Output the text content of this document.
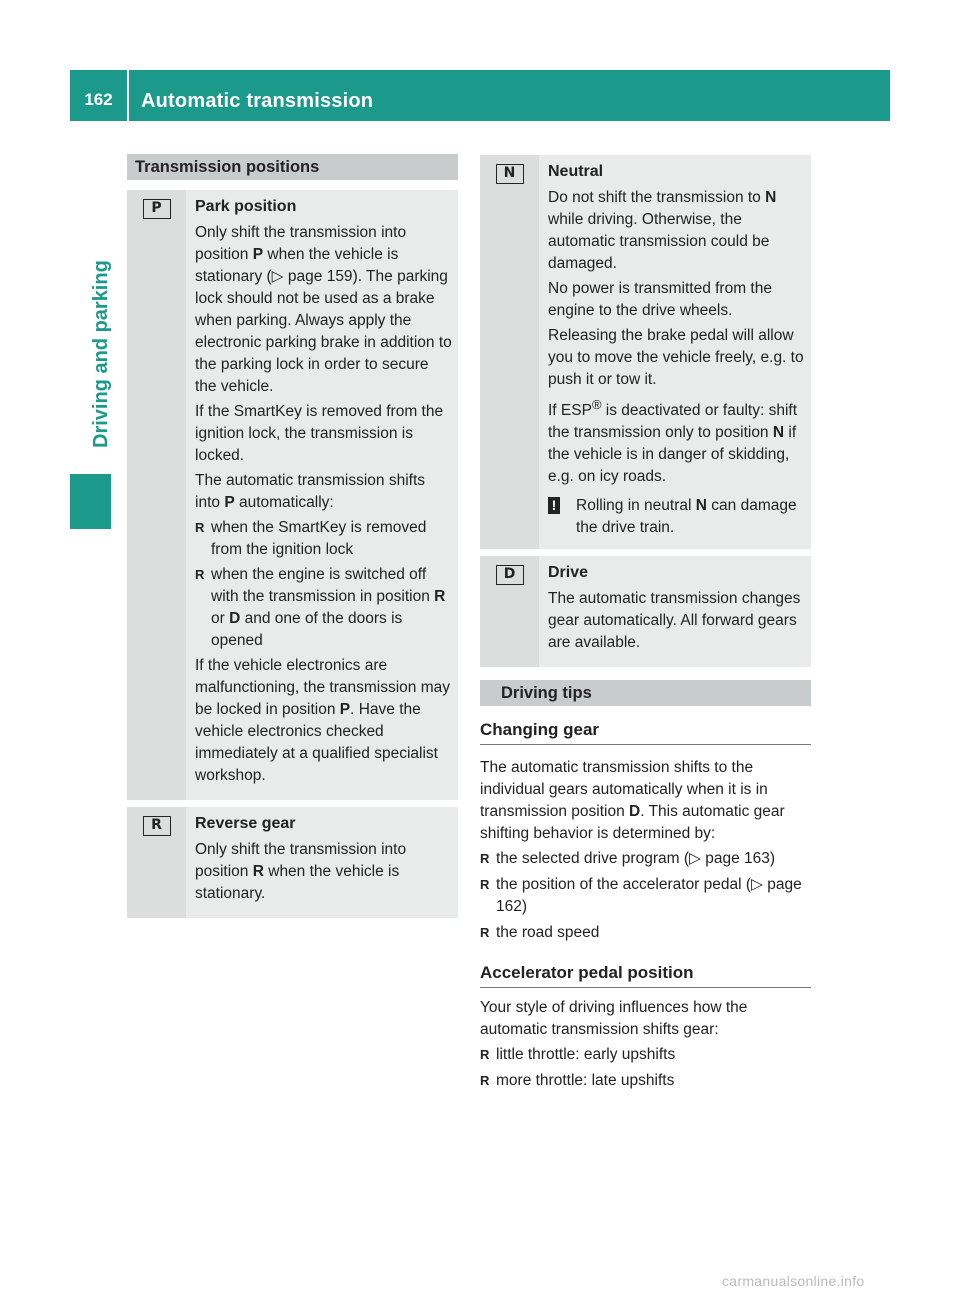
162	Automatic transmission
Driving and parking
Transmission positions
P	Park position
Only shift the transmission into position P when the vehicle is stationary (▷ page 159). The parking lock should not be used as a brake when parking. Always apply the electronic parking brake in addition to the parking lock in order to secure the vehicle.
If the SmartKey is removed from the ignition lock, the transmission is locked.
The automatic transmission shifts into P automatically:
R when the SmartKey is removed from the ignition lock
R when the engine is switched off with the transmission in position R or D and one of the doors is opened
If the vehicle electronics are malfunctioning, the transmission may be locked in position P. Have the vehicle electronics checked immediately at a qualified specialist workshop.
R	Reverse gear
Only shift the transmission into position R when the vehicle is stationary.
N	Neutral
Do not shift the transmission to N while driving. Otherwise, the automatic transmission could be damaged.
No power is transmitted from the engine to the drive wheels.
Releasing the brake pedal will allow you to move the vehicle freely, e.g. to push it or tow it.
If ESP® is deactivated or faulty: shift the transmission only to position N if the vehicle is in danger of skidding, e.g. on icy roads.
! Rolling in neutral N can damage the drive train.
D	Drive
The automatic transmission changes gear automatically. All forward gears are available.
Driving tips
Changing gear
The automatic transmission shifts to the individual gears automatically when it is in transmission position D. This automatic gear shifting behavior is determined by:
R the selected drive program (▷ page 163)
R the position of the accelerator pedal (▷ page 162)
R the road speed
Accelerator pedal position
Your style of driving influences how the automatic transmission shifts gear:
R little throttle: early upshifts
R more throttle: late upshifts
carmanualsonline.info
